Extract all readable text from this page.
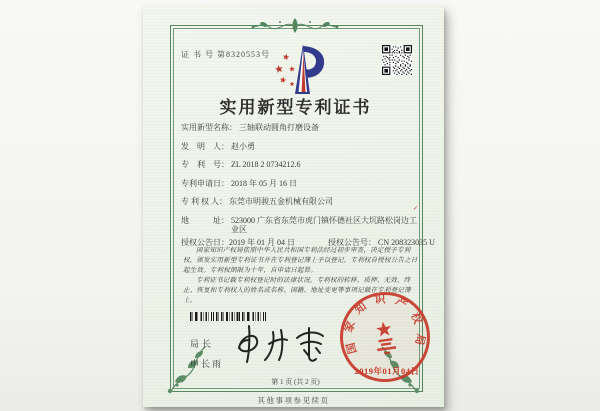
证 书 号 第8320553号
实用新型专利证书
实用新型名称： 三轴联动圆角打磨设备
发　明　人： 赵小勇
专　利　号： ZL 2018 2 0734212.6
专利申请日： 2018 年 05 月 16 日
专 利 权 人： 东莞市明骏五金机械有限公司
地　　　址： 523000 广东省东莞市虎门镇怀德社区大坈路松岗边工业区
授权公告日： 2019 年 01 月 04 日	授权公告号： CN 208323035 U
✓

国家知识产权局依照中华人民共和国专利法经过初步审查，决定授予专利权，颁发实用新型专利证书并在专利登记簿上予以登记。专利权自授权公告之日起生效。专利权期限为十年，自申请日起算。

专利证书记载专利权登记时的法律状况。专利权的转移、质押、无效、终止、恢复和专利权人的姓名或名称、国籍、地址变更等事项记载在专利登记簿上。

局长
申长雨
国家知识产权局
2019年01月04日
第 1 页 (共 2 页)
其他事项参见续页
